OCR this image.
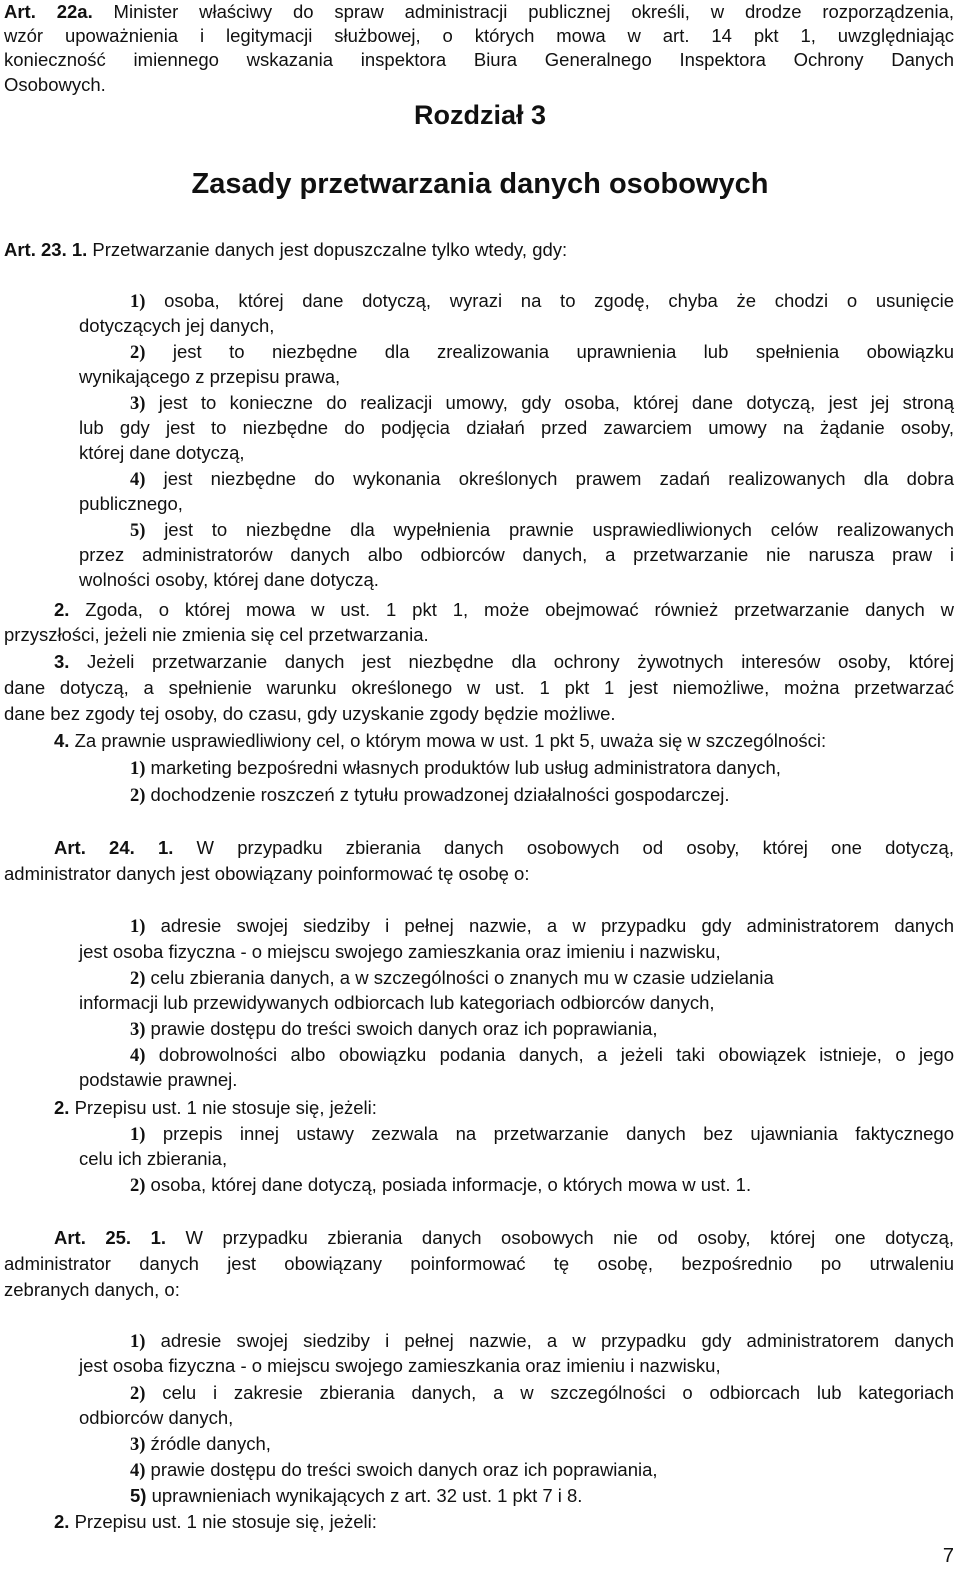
Art. 22a. Minister właściwy do spraw administracji publicznej określi, w drodze rozporządzenia,
wzór upoważnienia i legitymacji służbowej, o których mowa w art. 14 pkt 1, uwzględniając
konieczność imiennego wskazania inspektora Biura Generalnego Inspektora Ochrony Danych
Osobowych.
Rozdział 3
Zasady przetwarzania danych osobowych
Art. 23. 1. Przetwarzanie danych jest dopuszczalne tylko wtedy, gdy:
1) osoba, której dane dotyczą, wyrazi na to zgodę, chyba że chodzi o usunięcie
dotyczących jej danych,
2) jest to niezbędne dla zrealizowania uprawnienia lub spełnienia obowiązku
wynikającego z przepisu prawa,
3) jest to konieczne do realizacji umowy, gdy osoba, której dane dotyczą, jest jej stroną
lub gdy jest to niezbędne do podjęcia działań przed zawarciem umowy na żądanie osoby,
której dane dotyczą,
4) jest niezbędne do wykonania określonych prawem zadań realizowanych dla dobra
publicznego,
5) jest to niezbędne dla wypełnienia prawnie usprawiedliwionych celów realizowanych
przez administratorów danych albo odbiorców danych, a przetwarzanie nie narusza praw i
wolności osoby, której dane dotyczą.
2. Zgoda, o której mowa w ust. 1 pkt 1, może obejmować również przetwarzanie danych w
przyszłości, jeżeli nie zmienia się cel przetwarzania.
3. Jeżeli przetwarzanie danych jest niezbędne dla ochrony żywotnych interesów osoby, której
dane dotyczą, a spełnienie warunku określonego w ust. 1 pkt 1 jest niemożliwe, można przetwarzać
dane bez zgody tej osoby, do czasu, gdy uzyskanie zgody będzie możliwe.
4. Za prawnie usprawiedliwiony cel, o którym mowa w ust. 1 pkt 5, uważa się w szczególności:
1) marketing bezpośredni własnych produktów lub usług administratora danych,
2) dochodzenie roszczeń z tytułu prowadzonej działalności gospodarczej.
Art. 24. 1. W przypadku zbierania danych osobowych od osoby, której one dotyczą,
administrator danych jest obowiązany poinformować tę osobę o:
1) adresie swojej siedziby i pełnej nazwie, a w przypadku gdy administratorem danych
jest osoba fizyczna - o miejscu swojego zamieszkania oraz imieniu i nazwisku,
2) celu zbierania danych, a w szczególności o znanych mu w czasie udzielania
informacji lub przewidywanych odbiorcach lub kategoriach odbiorców danych,
3) prawie dostępu do treści swoich danych oraz ich poprawiania,
4) dobrowolności albo obowiązku podania danych, a jeżeli taki obowiązek istnieje, o jego
podstawie prawnej.
2. Przepisu ust. 1 nie stosuje się, jeżeli:
1) przepis innej ustawy zezwala na przetwarzanie danych bez ujawniania faktycznego
celu ich zbierania,
2) osoba, której dane dotyczą, posiada informacje, o których mowa w ust. 1.
Art. 25. 1. W przypadku zbierania danych osobowych nie od osoby, której one dotyczą,
administrator danych jest obowiązany poinformować tę osobę, bezpośrednio po utrwaleniu
zebranych danych, o:
1) adresie swojej siedziby i pełnej nazwie, a w przypadku gdy administratorem danych
jest osoba fizyczna - o miejscu swojego zamieszkania oraz imieniu i nazwisku,
2) celu i zakresie zbierania danych, a w szczególności o odbiorcach lub kategoriach
odbiorców danych,
3) źródle danych,
4) prawie dostępu do treści swoich danych oraz ich poprawiania,
5) uprawnieniach wynikających z art. 32 ust. 1 pkt 7 i 8.
2. Przepisu ust. 1 nie stosuje się, jeżeli:
7
